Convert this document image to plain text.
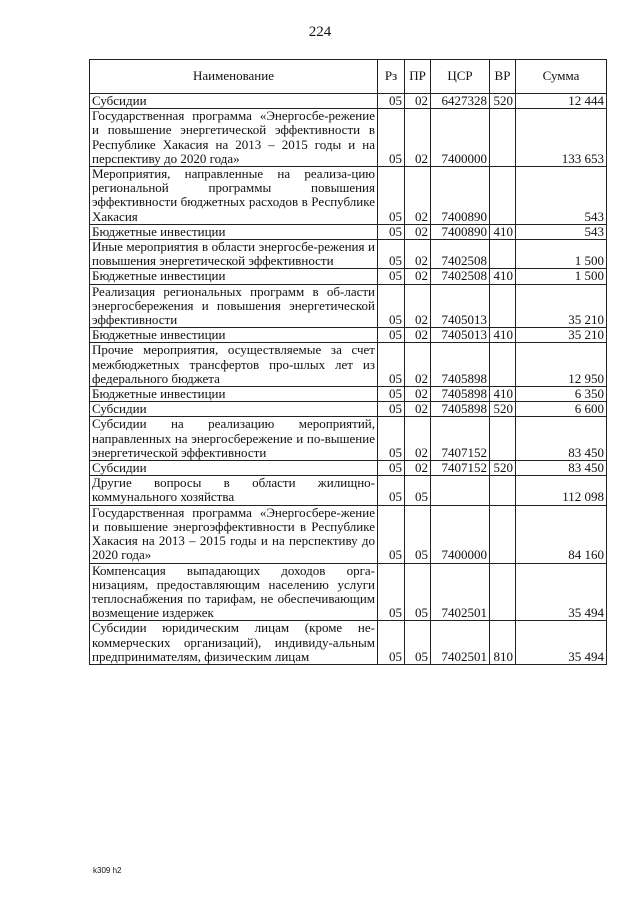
224
Наименование	Рз	ПР	ЦСР	ВР	Сумма
Субсидии	05	02	6427328	520	12 444
Государственная программа «Энергосбе-режение и повышение энергетической эффективности в Республике Хакасия на 2013 – 2015 годы и на перспективу до 2020 года»	05	02	7400000		133 653
Мероприятия, направленные на реализа-цию региональной программы повышения эффективности бюджетных расходов в Республике Хакасия	05	02	7400890		543
Бюджетные инвестиции	05	02	7400890	410	543
Иные мероприятия в области энергосбе-режения и повышения энергетической эффективности	05	02	7402508		1 500
Бюджетные инвестиции	05	02	7402508	410	1 500
Реализация региональных программ в об-ласти энергосбережения и повышения энергетической эффективности	05	02	7405013		35 210
Бюджетные инвестиции	05	02	7405013	410	35 210
Прочие мероприятия, осуществляемые за счет межбюджетных трансфертов про-шлых лет из федерального бюджета	05	02	7405898		12 950
Бюджетные инвестиции	05	02	7405898	410	6 350
Субсидии	05	02	7405898	520	6 600
Субсидии на реализацию мероприятий, направленных на энергосбережение и по-вышение энергетической эффективности	05	02	7407152		83 450
Субсидии	05	02	7407152	520	83 450
Другие вопросы в области жилищно-коммунального хозяйства	05	05			112 098
Государственная программа «Энергосбере-жение и повышение энергоэффективности в Республике Хакасия на 2013 – 2015 годы и на перспективу до 2020 года»	05	05	7400000		84 160
Компенсация выпадающих доходов орга-низациям, предоставляющим населению услуги теплоснабжения по тарифам, не обеспечивающим возмещение издержек	05	05	7402501		35 494
Субсидии юридическим лицам (кроме не-коммерческих организаций), индивиду-альным предпринимателям, физическим лицам	05	05	7402501	810	35 494
k309 h2
